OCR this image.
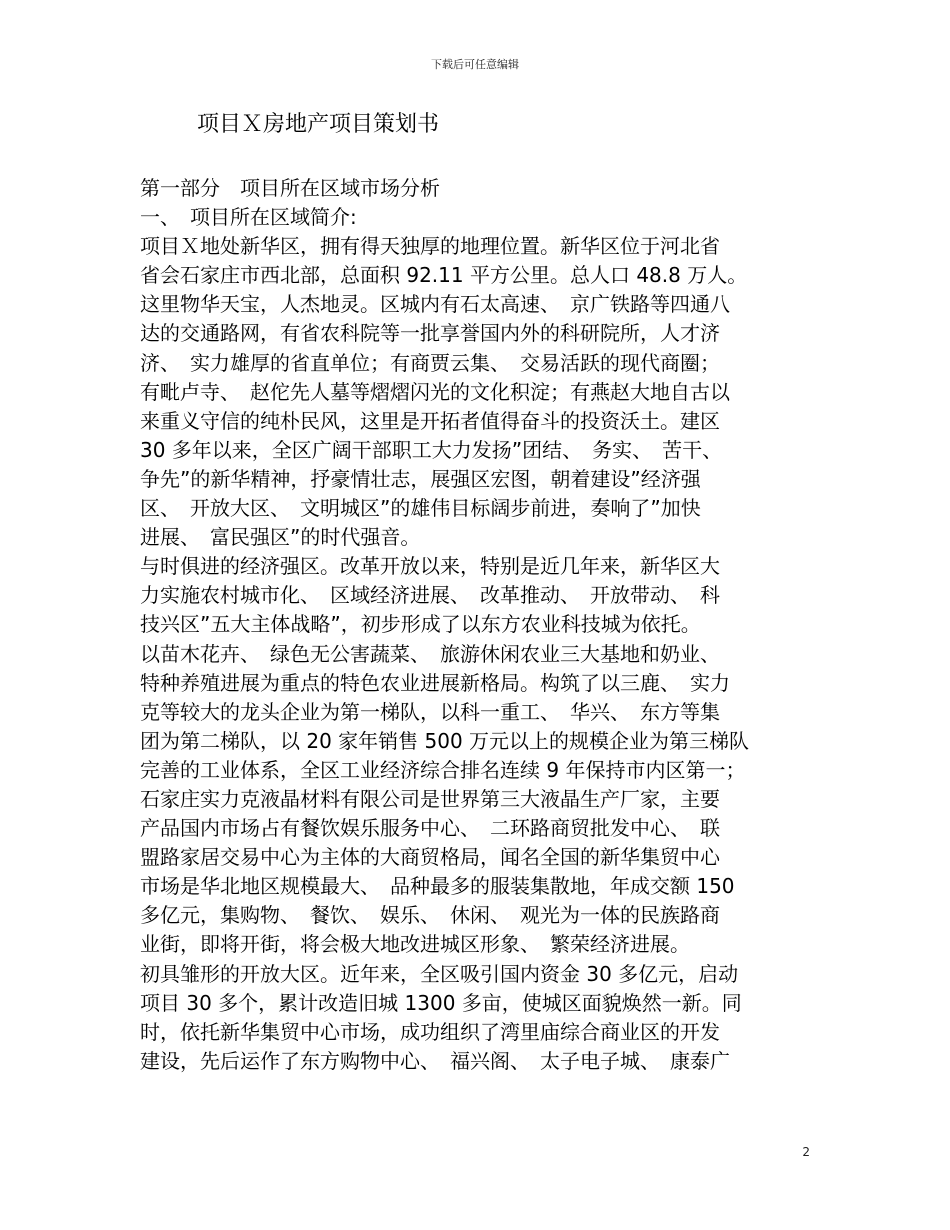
下载后可任意编辑
项目Ｘ房地产项目策划书
第一部分　项目所在区域市场分析
一、　项目所在区域简介:
项目Ｘ地处新华区，拥有得天独厚的地理位置。新华区位于河北省
省会石家庄市西北部，总面积 92.11 平方公里。总人口 48.8 万人。
这里物华天宝，人杰地灵。区城内有石太高速、　京广铁路等四通八
达的交通路网，有省农科院等一批享誉国内外的科研院所，人才济
济、　实力雄厚的省直单位；有商贾云集、　交易活跃的现代商圈；
有毗卢寺、　赵佗先人墓等熠熠闪光的文化积淀；有燕赵大地自古以
来重义守信的纯朴民风，这里是开拓者值得奋斗的投资沃土。建区
30 多年以来，全区广阔干部职工大力发扬”团结、　务实、　苦干、
争先”的新华精神，抒豪情壮志，展强区宏图，朝着建设”经济强
区、　开放大区、　文明城区”的雄伟目标阔步前进，奏响了”加快
进展、　富民强区”的时代强音。
与时俱进的经济强区。改革开放以来，特别是近几年来，新华区大
力实施农村城市化、　区域经济进展、　改革推动、　开放带动、　科
技兴区”五大主体战略”，初步形成了以东方农业科技城为依托。
以苗木花卉、　绿色无公害蔬菜、　旅游休闲农业三大基地和奶业、
特种养殖进展为重点的特色农业进展新格局。构筑了以三鹿、　实力
克等较大的龙头企业为第一梯队，以科一重工、　华兴、　东方等集
团为第二梯队，以 20 家年销售 500 万元以上的规模企业为第三梯队
完善的工业体系，全区工业经济综合排名连续 9 年保持市内区第一；
石家庄实力克液晶材料有限公司是世界第三大液晶生产厂家，主要
产品国内市场占有餐饮娱乐服务中心、　二环路商贸批发中心、　联
盟路家居交易中心为主体的大商贸格局，闻名全国的新华集贸中心
市场是华北地区规模最大、　品种最多的服装集散地，年成交额 150
多亿元，集购物、　餐饮、　娱乐、　休闲、　观光为一体的民族路商
业街，即将开街，将会极大地改进城区形象、　繁荣经济进展。
初具雏形的开放大区。近年来，全区吸引国内资金 30 多亿元，启动
项目 30 多个，累计改造旧城 1300 多亩，使城区面貌焕然一新。同
时，依托新华集贸中心市场，成功组织了湾里庙综合商业区的开发
建设，先后运作了东方购物中心、　福兴阁、　太子电子城、　康泰广
2
